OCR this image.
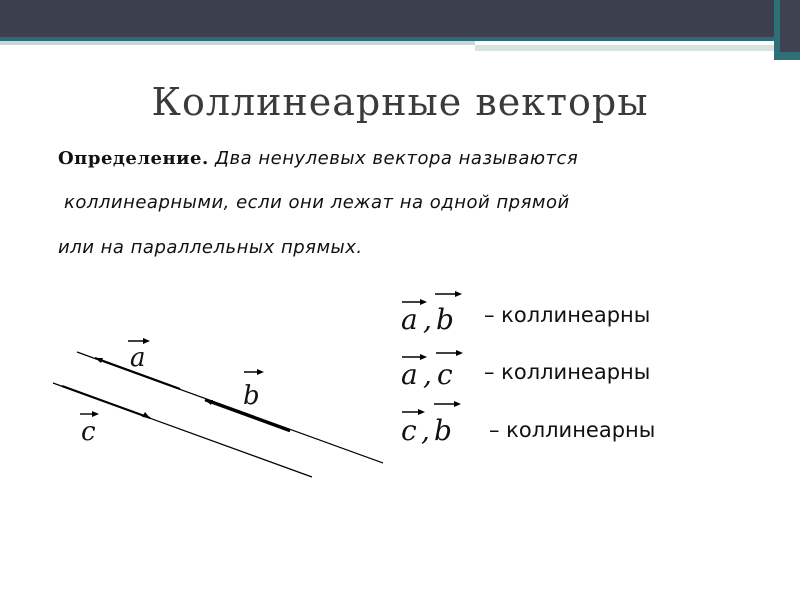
Коллинеарные векторы
Определение. Два ненулевых вектора называются
коллинеарными, если они лежат на одной прямой
или на параллельных прямых.
a
b
c
a , b
a , c
c , b
– коллинеарны
– коллинеарны
– коллинеарны
